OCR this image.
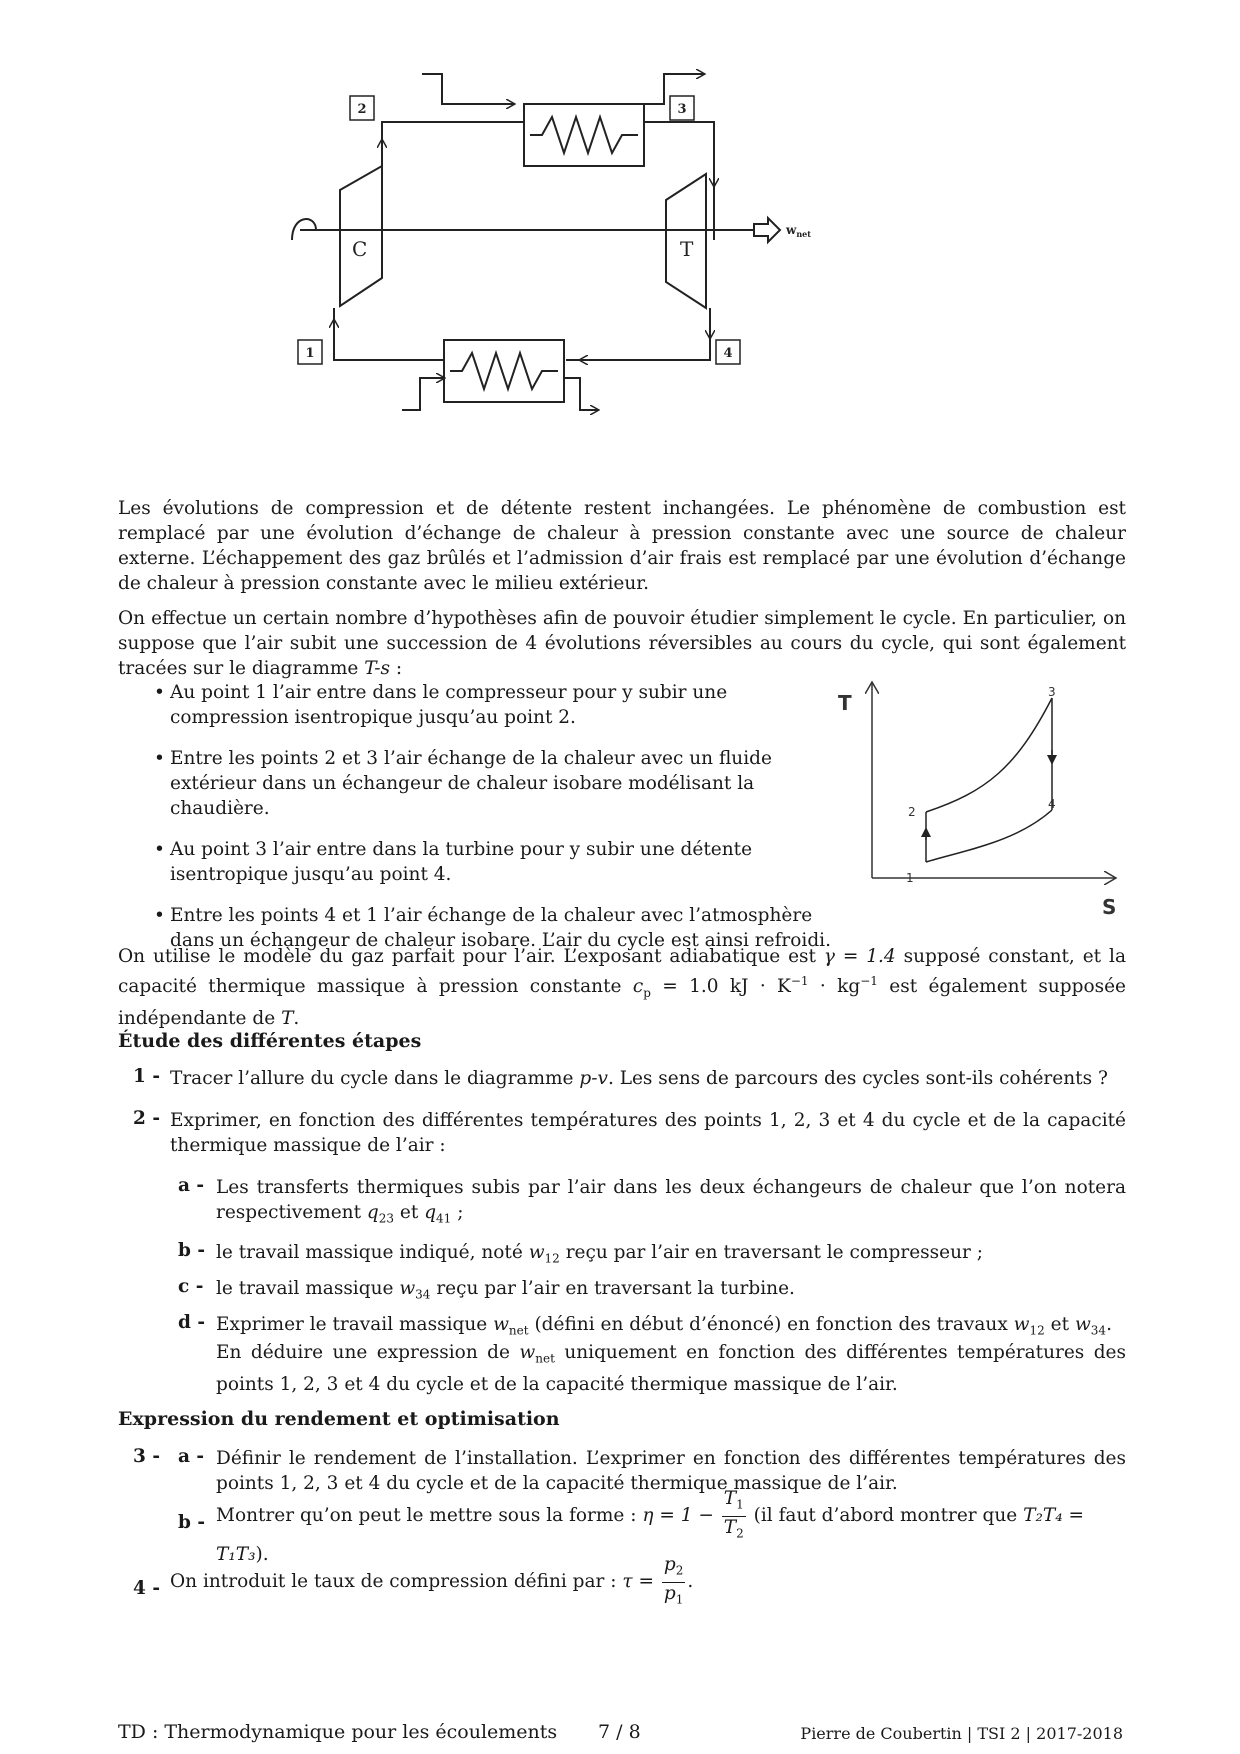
2	3
1	4
C	T
$w_{net}$

Les évolutions de compression et de détente restent inchangées. Le phénomène de combustion est remplacé par une évolution d’échange de chaleur à pression constante avec une source de chaleur externe. L’échappement des gaz brûlés et l’admission d’air frais est remplacé par une évolution d’échange de chaleur à pression constante avec le milieu extérieur.

On effectue un certain nombre d’hypothèses afin de pouvoir étudier simplement le cycle. En particulier, on suppose que l’air subit une succession de 4 évolutions réversibles au cours du cycle, qui sont également tracées sur le diagramme T-s :

• Au point 1 l’air entre dans le compresseur pour y subir une compression isentropique jusqu’au point 2.
• Entre les points 2 et 3 l’air échange de la chaleur avec un fluide extérieur dans un échangeur de chaleur isobare modélisant la chaudière.
• Au point 3 l’air entre dans la turbine pour y subir une détente isentropique jusqu’au point 4.
• Entre les points 4 et 1 l’air échange de la chaleur avec l’atmosphère dans un échangeur de chaleur isobare. L’air du cycle est ainsi refroidi.
T
S
1
2
3
4

On utilise le modèle du gaz parfait pour l’air. L’exposant adiabatique est γ = 1.4 supposé constant, et la capacité thermique massique à pression constante $c_p = 1.0$ kJ · $K^{-1} \cdot kg^{-1}$ est également supposée indépendante de T.

Étude des différentes étapes
1 - Tracer l’allure du cycle dans le diagramme p-v. Les sens de parcours des cycles sont-ils cohérents ?
2 - Exprimer, en fonction des différentes températures des points 1, 2, 3 et 4 du cycle et de la capacité thermique massique de l’air :
a - Les transferts thermiques subis par l’air dans les deux échangeurs de chaleur que l’on notera respectivement $q_{23}$ et $q_{41}$ ;
b - le travail massique indiqué, noté $w_{12}$ reçu par l’air en traversant le compresseur ;
c - le travail massique $w_{34}$ reçu par l’air en traversant la turbine.
d - Exprimer le travail massique $w_{net}$ (défini en début d’énoncé) en fonction des travaux $w_{12}$ et $w_{34}$.
En déduire une expression de $w_{net}$ uniquement en fonction des différentes températures des points 1, 2, 3 et 4 du cycle et de la capacité thermique massique de l’air.
Expression du rendement et optimisation
3 - a - Définir le rendement de l’installation. L’exprimer en fonction des différentes températures des points 1, 2, 3 et 4 du cycle et de la capacité thermique massique de l’air.
b - Montrer qu’on peut le mettre sous la forme : $\eta = 1 - \frac{T_1}{T_2} (il$ faut d’abord montrer que T₂T₄ = T₁T₃).
4 - On introduit le taux de compression défini par : $\tau = \frac{p_2}{p_1}$ .
TD : Thermodynamique pour les écoulements 7 / 8	Pierre de Coubertin | TSI 2 | 2017-2018
